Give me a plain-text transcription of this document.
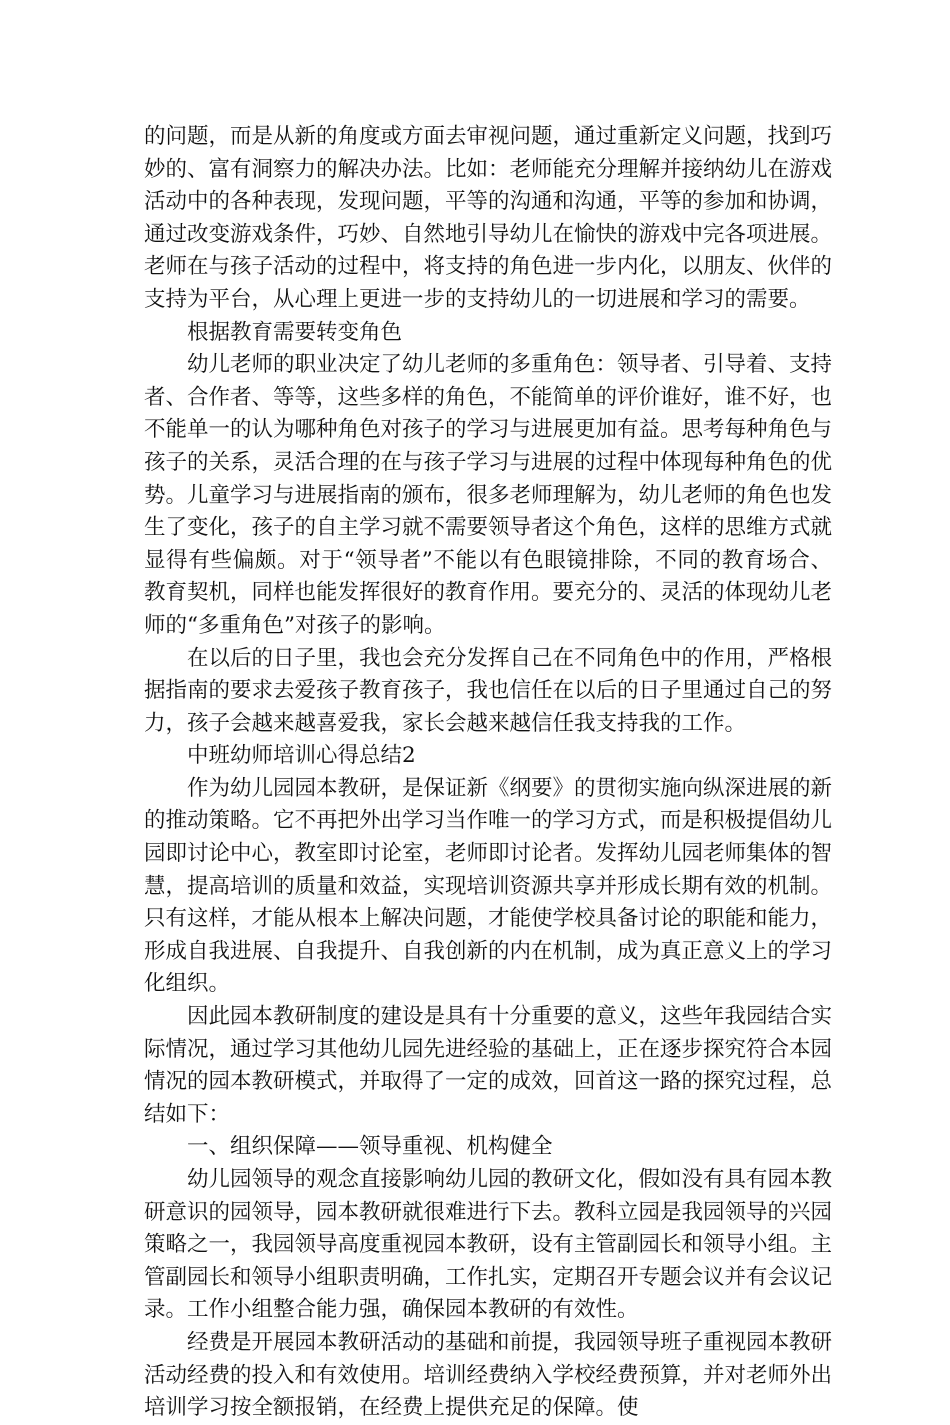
的问题，而是从新的角度或方面去审视问题，通过重新定义问题，找到巧妙的、富有洞察力的解决办法。比如：老师能充分理解并接纳幼儿在游戏活动中的各种表现，发现问题，平等的沟通和沟通，平等的参加和协调，通过改变游戏条件，巧妙、自然地引导幼儿在愉快的游戏中完各项进展。老师在与孩子活动的过程中，将支持的角色进一步内化，以朋友、伙伴的支持为平台，从心理上更进一步的支持幼儿的一切进展和学习的需要。

根据教育需要转变角色

幼儿老师的职业决定了幼儿老师的多重角色：领导者、引导着、支持者、合作者、等等，这些多样的角色，不能简单的评价谁好，谁不好，也不能单一的认为哪种角色对孩子的学习与进展更加有益。思考每种角色与孩子的关系，灵活合理的在与孩子学习与进展的过程中体现每种角色的优势。儿童学习与进展指南的颁布，很多老师理解为，幼儿老师的角色也发生了变化，孩子的自主学习就不需要领导者这个角色，这样的思维方式就显得有些偏颇。对于“领导者”不能以有色眼镜排除，不同的教育场合、教育契机，同样也能发挥很好的教育作用。要充分的、灵活的体现幼儿老师的“多重角色”对孩子的影响。

在以后的日子里，我也会充分发挥自己在不同角色中的作用，严格根据指南的要求去爱孩子教育孩子，我也信任在以后的日子里通过自己的努力，孩子会越来越喜爱我，家长会越来越信任我支持我的工作。

中班幼师培训心得总结2

作为幼儿园园本教研，是保证新《纲要》的贯彻实施向纵深进展的新的推动策略。它不再把外出学习当作唯一的学习方式，而是积极提倡幼儿园即讨论中心，教室即讨论室，老师即讨论者。发挥幼儿园老师集体的智慧，提高培训的质量和效益，实现培训资源共享并形成长期有效的机制。只有这样，才能从根本上解决问题，才能使学校具备讨论的职能和能力，形成自我进展、自我提升、自我创新的内在机制，成为真正意义上的学习化组织。

因此园本教研制度的建设是具有十分重要的意义，这些年我园结合实际情况，通过学习其他幼儿园先进经验的基础上，正在逐步探究符合本园情况的园本教研模式，并取得了一定的成效，回首这一路的探究过程，总结如下：

一、组织保障——领导重视、机构健全

幼儿园领导的观念直接影响幼儿园的教研文化，假如没有具有园本教研意识的园领导，园本教研就很难进行下去。教科立园是我园领导的兴园策略之一，我园领导高度重视园本教研，设有主管副园长和领导小组。主管副园长和领导小组职责明确，工作扎实，定期召开专题会议并有会议记录。工作小组整合能力强，确保园本教研的有效性。

经费是开展园本教研活动的基础和前提，我园领导班子重视园本教研活动经费的投入和有效使用。培训经费纳入学校经费预算，并对老师外出培训学习按全额报销，在经费上提供充足的保障。使
